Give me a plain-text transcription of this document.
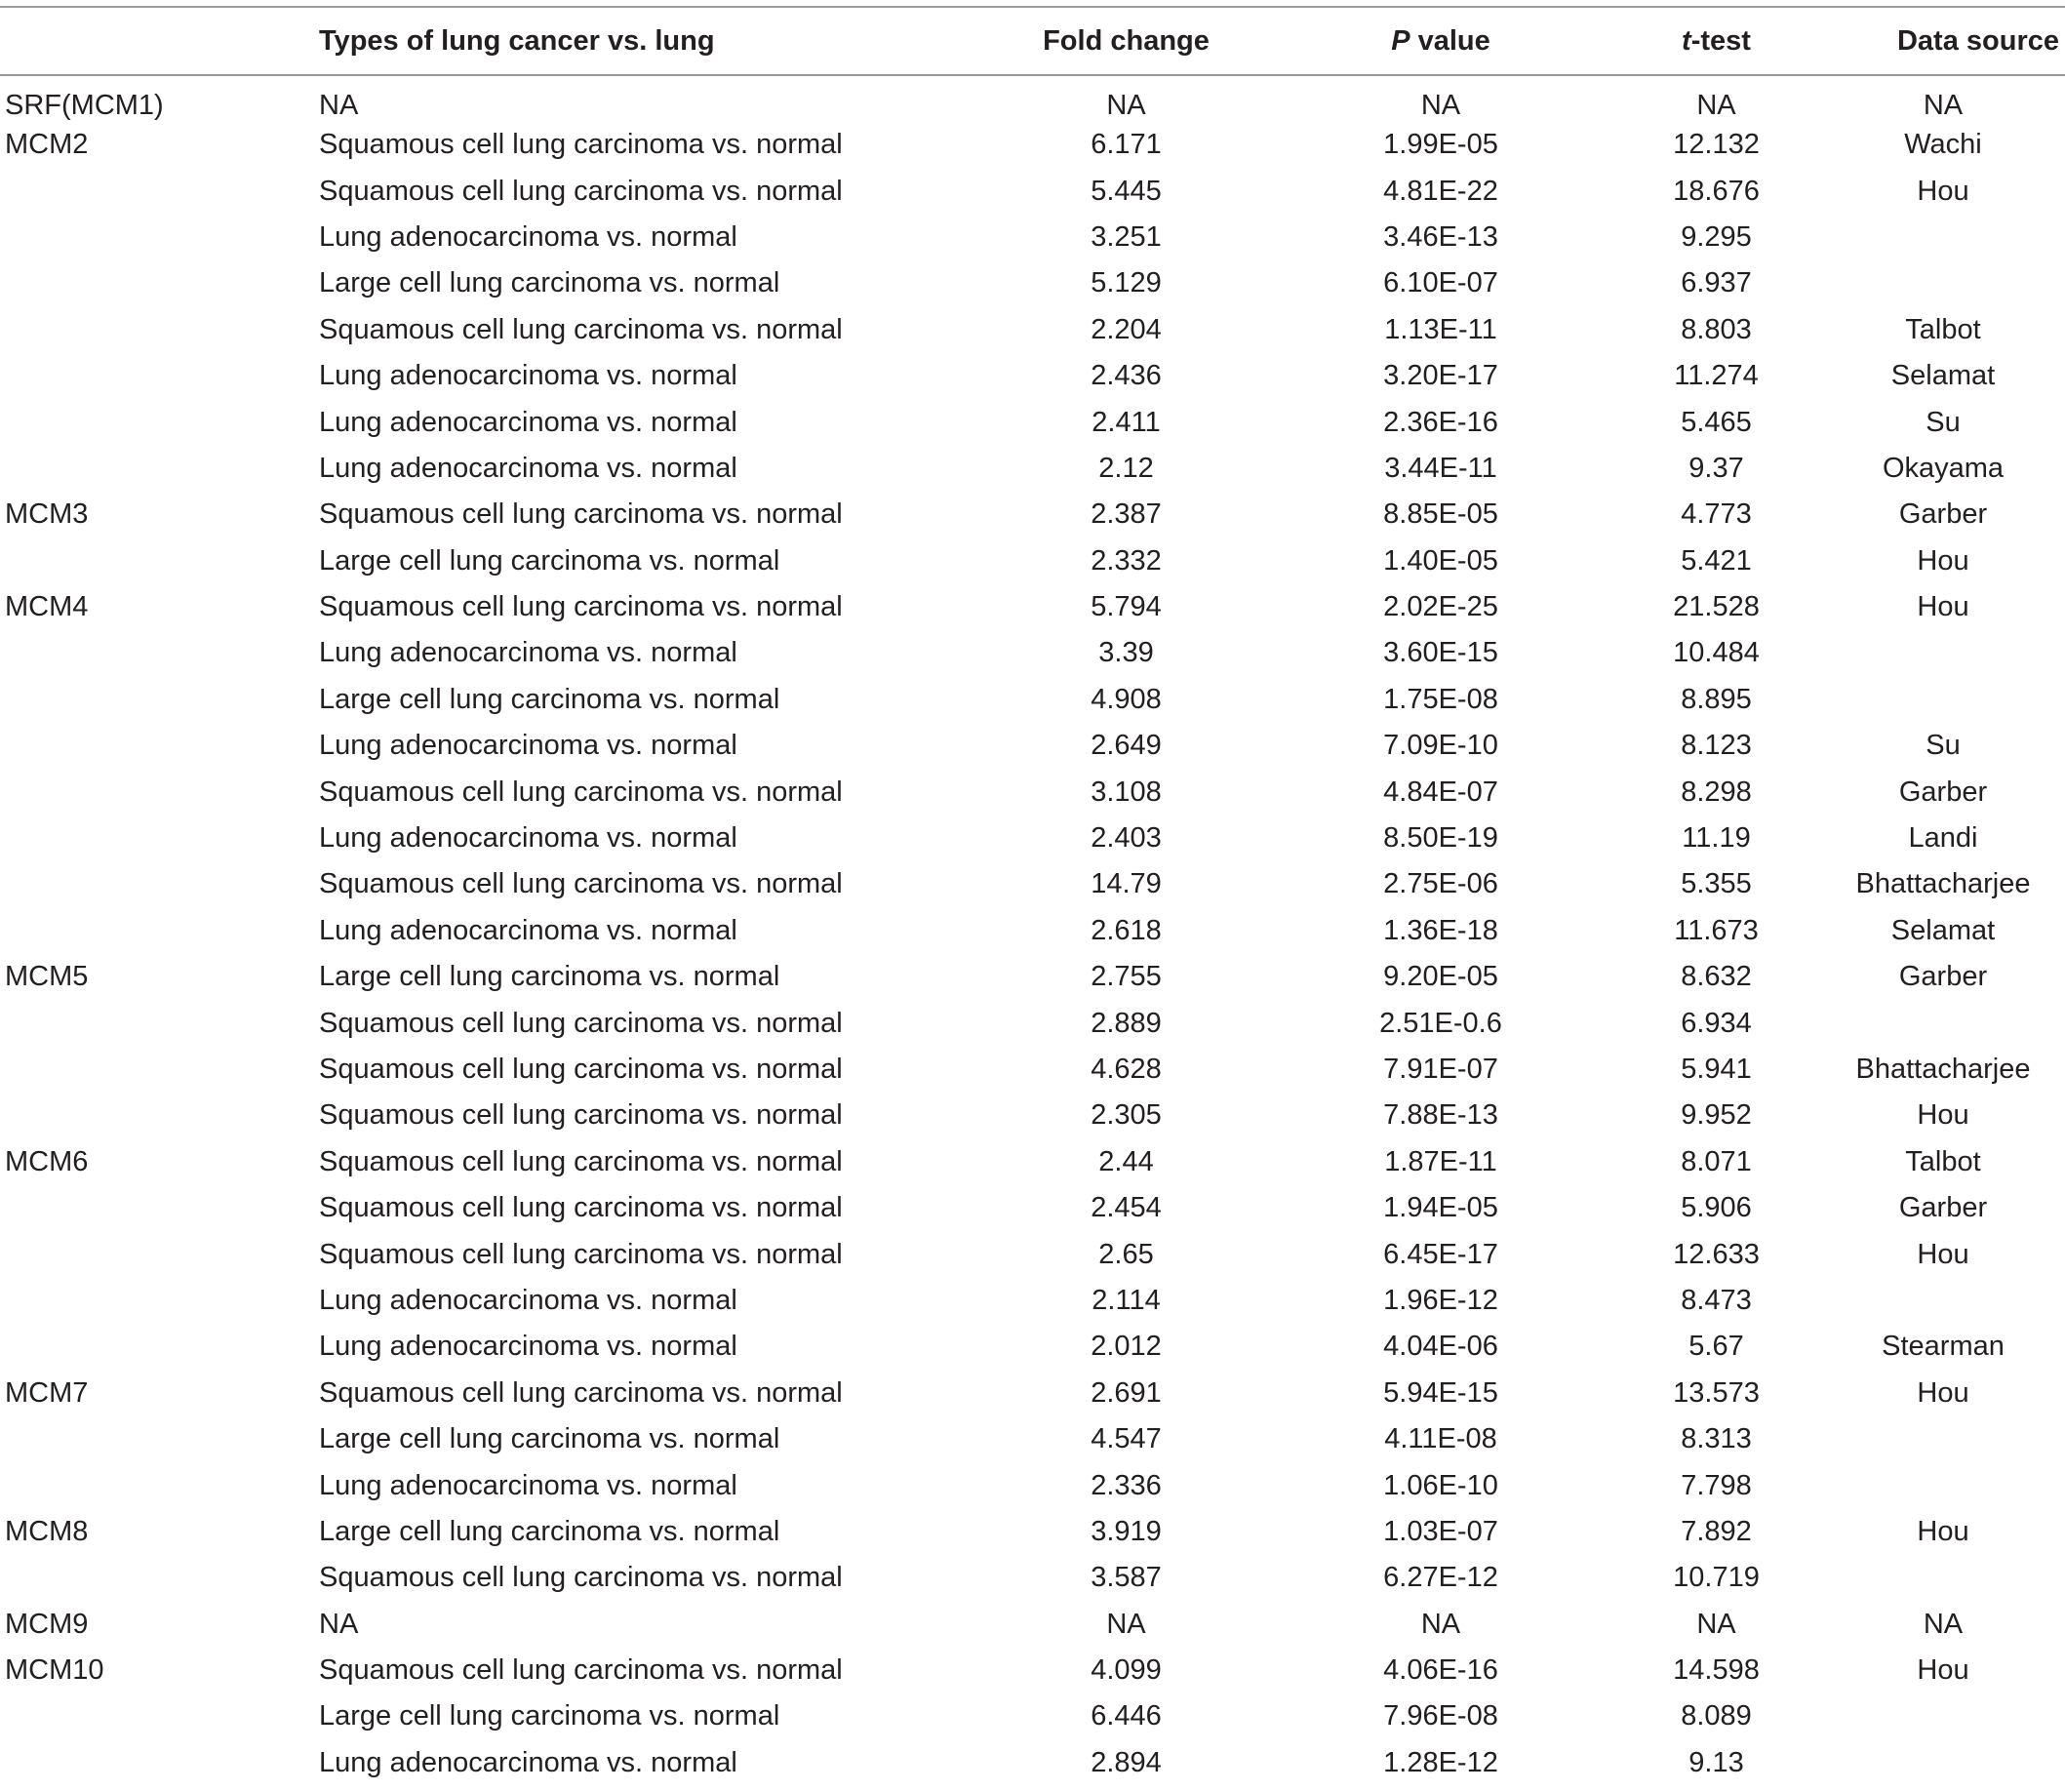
	Types of lung cancer vs. lung	Fold change	P value	t-test	Data source
SRF(MCM1)	NA	NA	NA	NA	NA
MCM2	Squamous cell lung carcinoma vs. normal	6.171	1.99E-05	12.132	Wachi
	Squamous cell lung carcinoma vs. normal	5.445	4.81E-22	18.676	Hou
	Lung adenocarcinoma vs. normal	3.251	3.46E-13	9.295	
	Large cell lung carcinoma vs. normal	5.129	6.10E-07	6.937	
	Squamous cell lung carcinoma vs. normal	2.204	1.13E-11	8.803	Talbot
	Lung adenocarcinoma vs. normal	2.436	3.20E-17	11.274	Selamat
	Lung adenocarcinoma vs. normal	2.411	2.36E-16	5.465	Su
	Lung adenocarcinoma vs. normal	2.12	3.44E-11	9.37	Okayama
MCM3	Squamous cell lung carcinoma vs. normal	2.387	8.85E-05	4.773	Garber
	Large cell lung carcinoma vs. normal	2.332	1.40E-05	5.421	Hou
MCM4	Squamous cell lung carcinoma vs. normal	5.794	2.02E-25	21.528	Hou
	Lung adenocarcinoma vs. normal	3.39	3.60E-15	10.484	
	Large cell lung carcinoma vs. normal	4.908	1.75E-08	8.895	
	Lung adenocarcinoma vs. normal	2.649	7.09E-10	8.123	Su
	Squamous cell lung carcinoma vs. normal	3.108	4.84E-07	8.298	Garber
	Lung adenocarcinoma vs. normal	2.403	8.50E-19	11.19	Landi
	Squamous cell lung carcinoma vs. normal	14.79	2.75E-06	5.355	Bhattacharjee
	Lung adenocarcinoma vs. normal	2.618	1.36E-18	11.673	Selamat
MCM5	Large cell lung carcinoma vs. normal	2.755	9.20E-05	8.632	Garber
	Squamous cell lung carcinoma vs. normal	2.889	2.51E-0.6	6.934	
	Squamous cell lung carcinoma vs. normal	4.628	7.91E-07	5.941	Bhattacharjee
	Squamous cell lung carcinoma vs. normal	2.305	7.88E-13	9.952	Hou
MCM6	Squamous cell lung carcinoma vs. normal	2.44	1.87E-11	8.071	Talbot
	Squamous cell lung carcinoma vs. normal	2.454	1.94E-05	5.906	Garber
	Squamous cell lung carcinoma vs. normal	2.65	6.45E-17	12.633	Hou
	Lung adenocarcinoma vs. normal	2.114	1.96E-12	8.473	
	Lung adenocarcinoma vs. normal	2.012	4.04E-06	5.67	Stearman
MCM7	Squamous cell lung carcinoma vs. normal	2.691	5.94E-15	13.573	Hou
	Large cell lung carcinoma vs. normal	4.547	4.11E-08	8.313	
	Lung adenocarcinoma vs. normal	2.336	1.06E-10	7.798	
MCM8	Large cell lung carcinoma vs. normal	3.919	1.03E-07	7.892	Hou
	Squamous cell lung carcinoma vs. normal	3.587	6.27E-12	10.719	
MCM9	NA	NA	NA	NA	NA
MCM10	Squamous cell lung carcinoma vs. normal	4.099	4.06E-16	14.598	Hou
	Large cell lung carcinoma vs. normal	6.446	7.96E-08	8.089	
	Lung adenocarcinoma vs. normal	2.894	1.28E-12	9.13	
